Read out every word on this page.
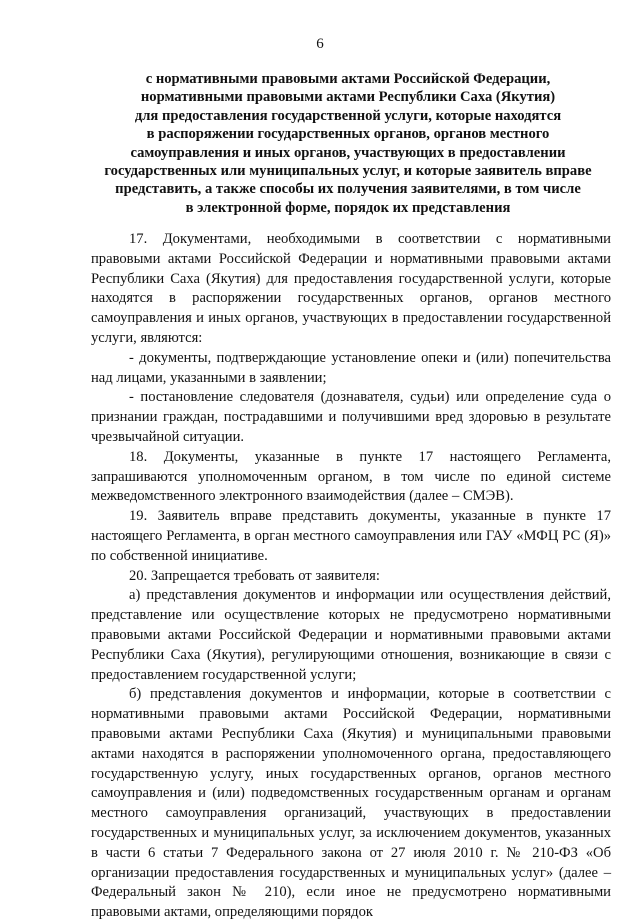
6
с нормативными правовыми актами Российской Федерации,
нормативными правовыми актами Республики Саха (Якутия)
для предоставления государственной услуги, которые находятся
в распоряжении государственных органов, органов местного
самоуправления и иных органов, участвующих в предоставлении
государственных или муниципальных услуг, и которые заявитель вправе
представить, а также способы их получения заявителями, в том числе
в электронной форме, порядок их представления

17. Документами, необходимыми в соответствии с нормативными правовыми актами Российской Федерации и нормативными правовыми актами Республики Саха (Якутия) для предоставления государственной услуги, которые находятся в распоряжении государственных органов, органов местного самоуправления и иных органов, участвующих в предоставлении государственной услуги, являются:

- документы, подтверждающие установление опеки и (или) попечительства над лицами, указанными в заявлении;

- постановление следователя (дознавателя, судьи) или определение суда о признании граждан, пострадавшими и получившими вред здоровью в результате чрезвычайной ситуации.

18. Документы, указанные в пункте 17 настоящего Регламента, запрашиваются уполномоченным органом, в том числе по единой системе межведомственного электронного взаимодействия (далее – СМЭВ).

19. Заявитель вправе представить документы, указанные в пункте 17 настоящего Регламента, в орган местного самоуправления или ГАУ «МФЦ РС (Я)» по собственной инициативе.

20. Запрещается требовать от заявителя:

а) представления документов и информации или осуществления действий, представление или осуществление которых не предусмотрено нормативными правовыми актами Российской Федерации и нормативными правовыми актами Республики Саха (Якутия), регулирующими отношения, возникающие в связи с предоставлением государственной услуги;

б) представления документов и информации, которые в соответствии с нормативными правовыми актами Российской Федерации, нормативными правовыми актами Республики Саха (Якутия) и муниципальными правовыми актами находятся в распоряжении уполномоченного органа, предоставляющего государственную услугу, иных государственных органов, органов местного самоуправления и (или) подведомственных государственным органам и органам местного самоуправления организаций, участвующих в предоставлении государственных и муниципальных услуг, за исключением документов, указанных в части 6 статьи 7 Федерального закона от 27 июля 2010 г. № 210-ФЗ «Об организации предоставления государственных и муниципальных услуг» (далее – Федеральный закон № 210), если иное не предусмотрено нормативными правовыми актами, определяющими порядок
